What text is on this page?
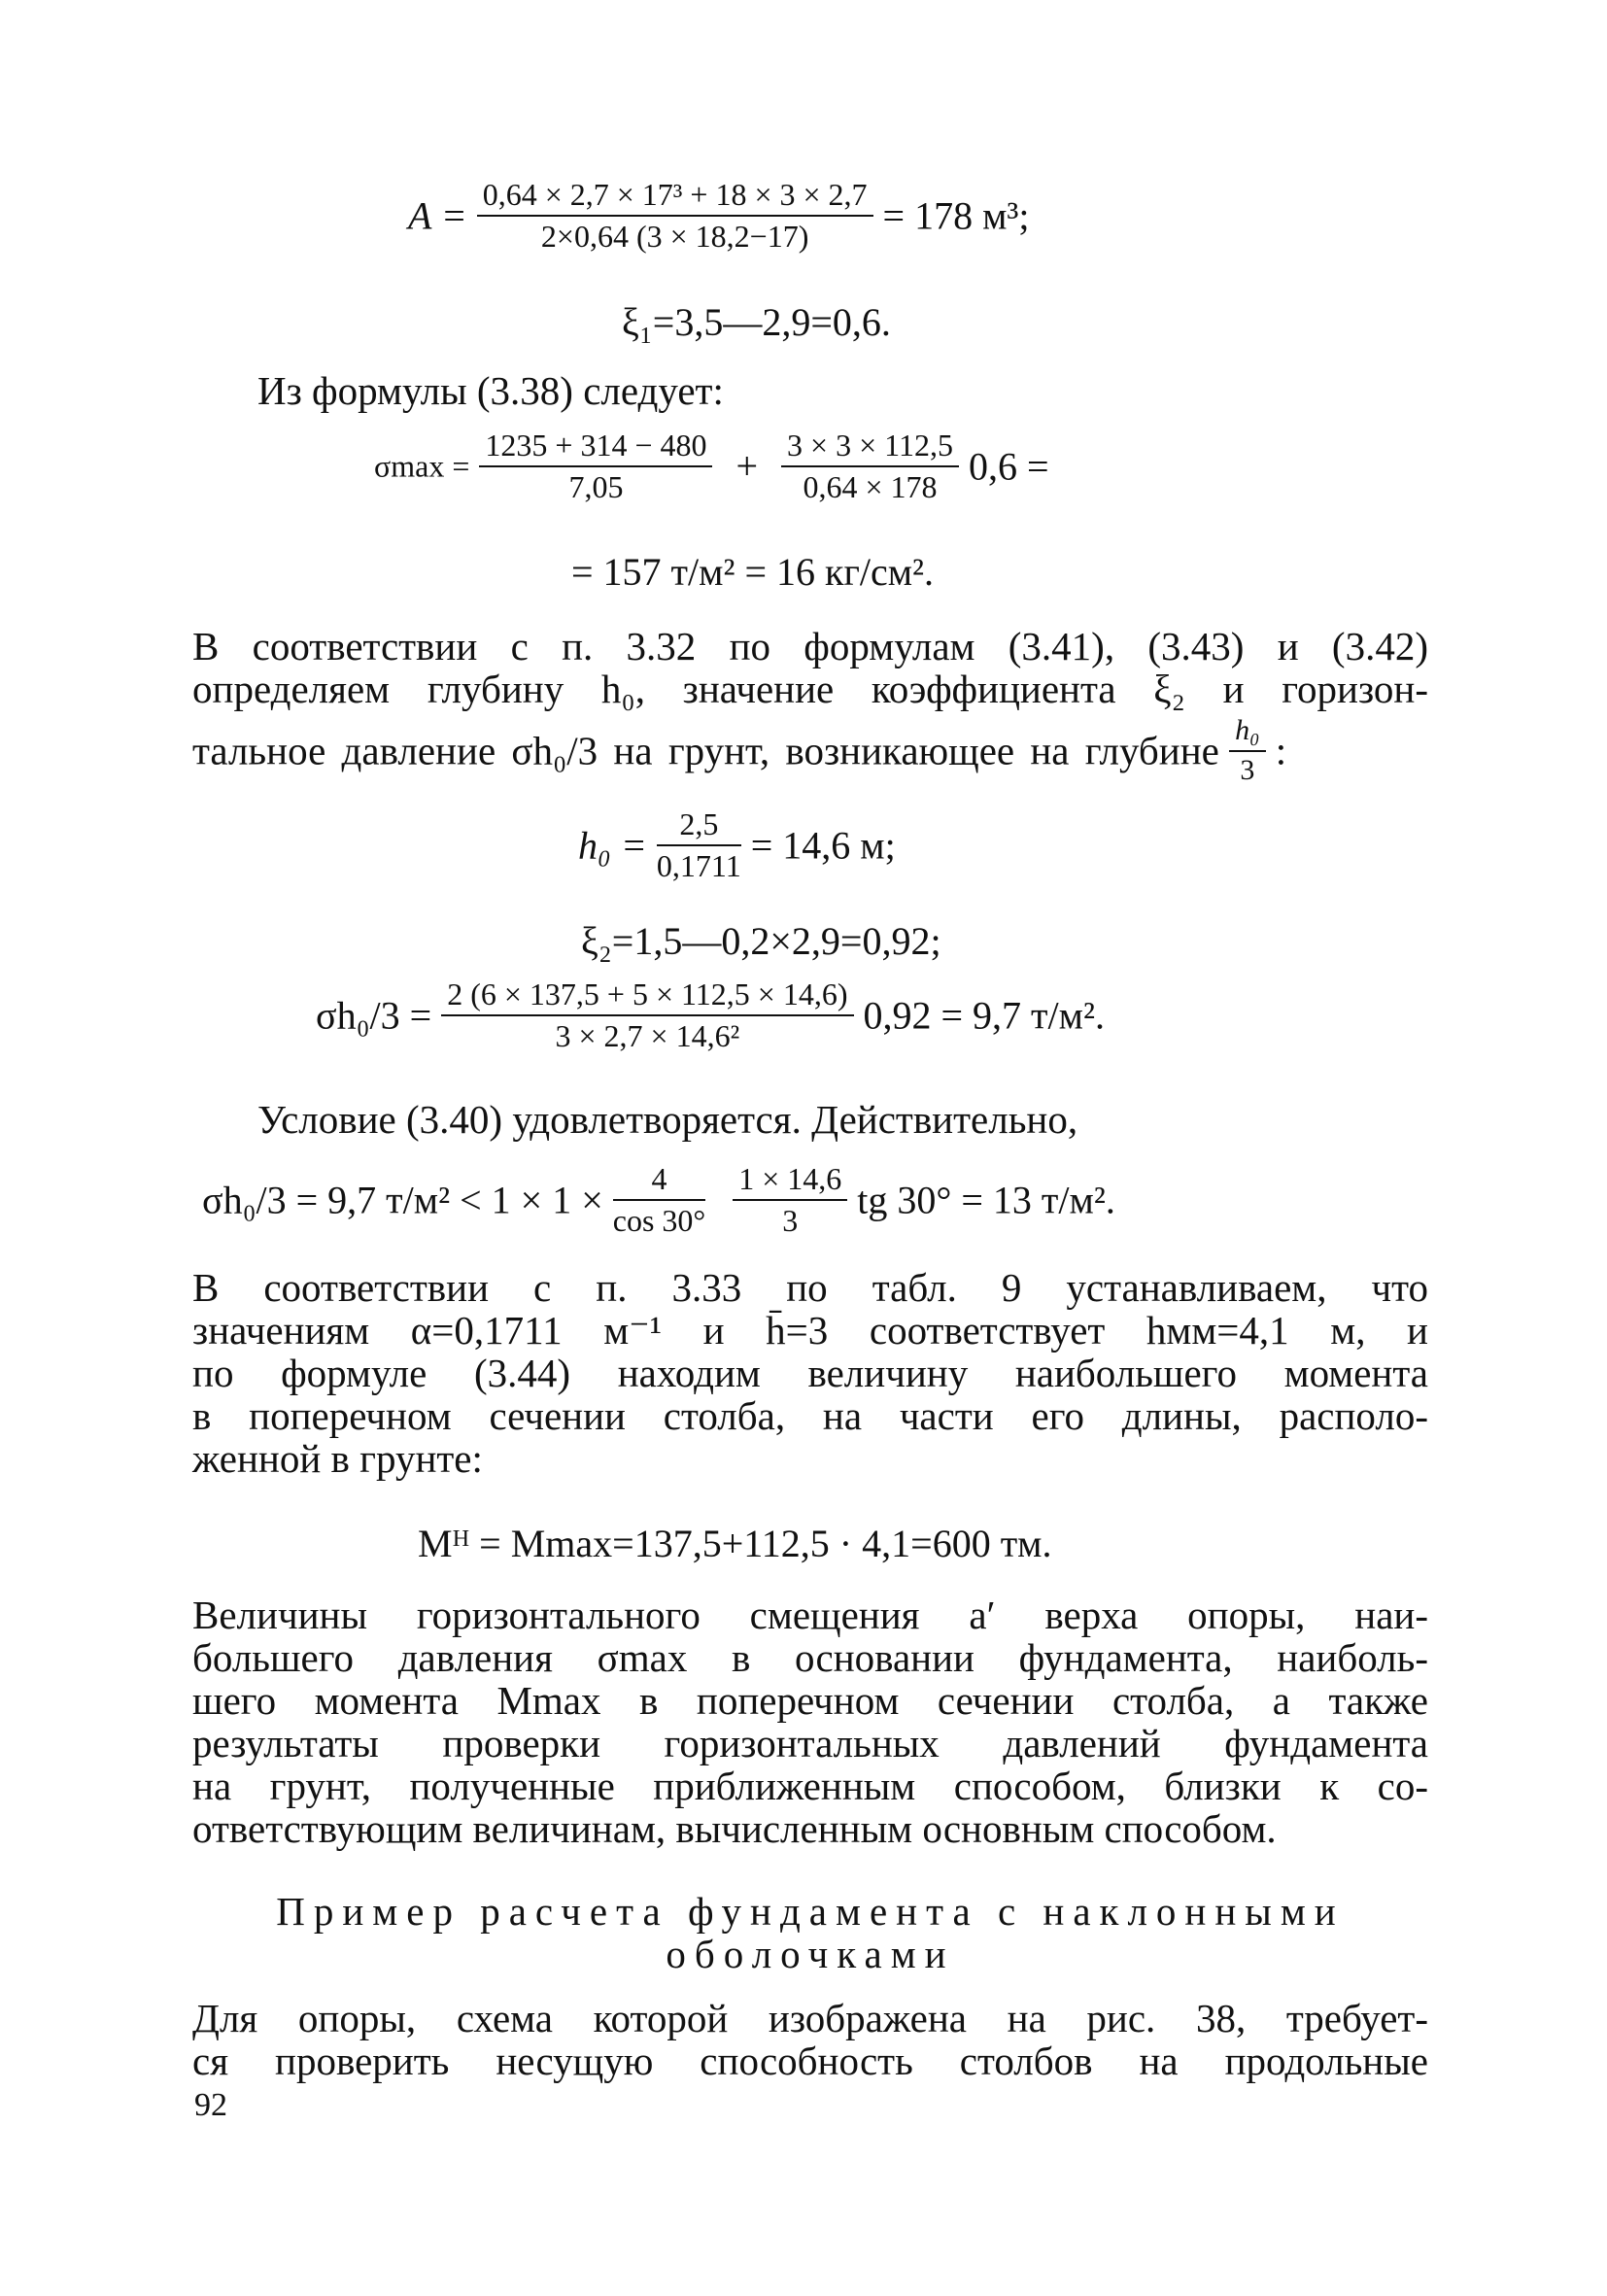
$A = \frac{\text{0,64 × 2,7 × 17³ + 18 × 3 × 2,7}}{2\times 0,64 (3 \times 18,2-17)} = 178$ м³;
ξ₁=3,5—2,9=0,6.
Из формулы (3.38) следует:
$\sigma\max = \frac{1235 + 314 - 480}{7,05} + \frac{3 \times 3 \times 112,5}{0,64 \times 178} 0,6$ =
= 157 т/м² = 16 кг/см².
В соответствии с п. 3.32 по формулам (3.41), (3.43) и (3.42)
определяем глубину h₀, значение коэффициента ξ₂ и горизон-
тальное давление σh₀/3 на грунт, возникающее на глубине $\frac{\text{h₀}}{3}$ :
$h_0 = \frac{2,5}{0,1711} = 14,6$ м;
ξ₂=1,5—0,2×2,9=0,92;
$\sigma h_0/3 = \frac{2 (6 \times 137,5 + 5 \times 112,5 \times 14,6)}{\text{3 × 2,7 × 14,6²}} 0,92 = 9,7$ т/м².
Условие (3.40) удовлетворяется. Действительно,
σh₀/3 = 9,7 $т/м^2 < 1 \times 1 \times \frac{4}{\cos 30^\circ}$
$\frac{1 \times 14,6}{3}$ tg 30° = 13 т/м².
В соответствии с п. 3.33 по табл. 9 устанавливаем, что
значениям α=0,1711 м⁻¹ и h̄=3 соответствует hмм=4,1 м, и
по формуле (3.44) находим величину наибольшего момента
в поперечном сечении столба, на части его длины, располо-
женной в грунте:
Mᴴ = Mmax=137,5+112,5 · 4,1=600 тм.
Величины горизонтального смещения a′ верха опоры, наи-
большего давления σmax в основании фундамента, наиболь-
шего момента Mmax в поперечном сечении столба, а также
результаты проверки горизонтальных давлений фундамента
на грунт, полученные приближенным способом, близки к со-
ответствующим величинам, вычисленным основным способом.
Пример расчета фундамента с наклонными
оболочками
Для опоры, схема которой изображена на рис. 38, требует-
ся проверить несущую способность столбов на продольные
92
